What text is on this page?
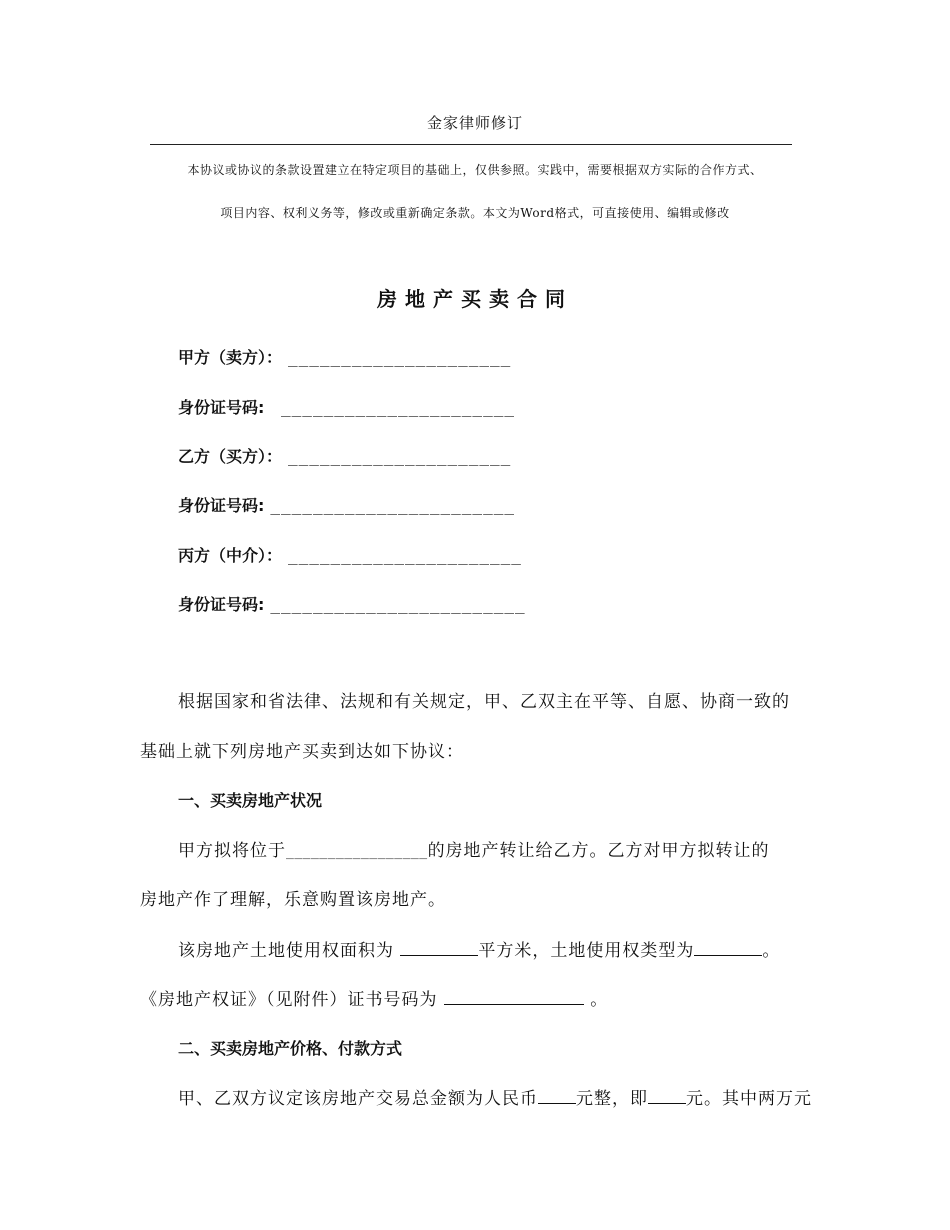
金家律师修订
本协议或协议的条款设置建立在特定项目的基础上，仅供参照。实践中，需要根据双方实际的合作方式、
项目内容、权利义务等，修改或重新确定条款。本文为Word格式，可直接使用、编辑或修改
房地产买卖合同
甲方（卖方）： _____________________
身份证号码: ______________________
乙方（买方）： _____________________
身份证号码: _______________________
丙方（中介）： ______________________
身份证号码: ________________________
根据国家和省法律、法规和有关规定，甲、乙双主在平等、自愿、协商一致的
基础上就下列房地产买卖到达如下协议：
一、买卖房地产状况
甲方拟将位于_________________的房地产转让给乙方。乙方对甲方拟转让的
房地产作了理解，乐意购置该房地产。
该房地产土地使用权面积为	平方米，土地使用权类型为	。
《房地产权证》（见附件）证书号码为	。
二、买卖房地产价格、付款方式
甲、乙双方议定该房地产交易总金额为人民币 元整，即 元。其中两万元
